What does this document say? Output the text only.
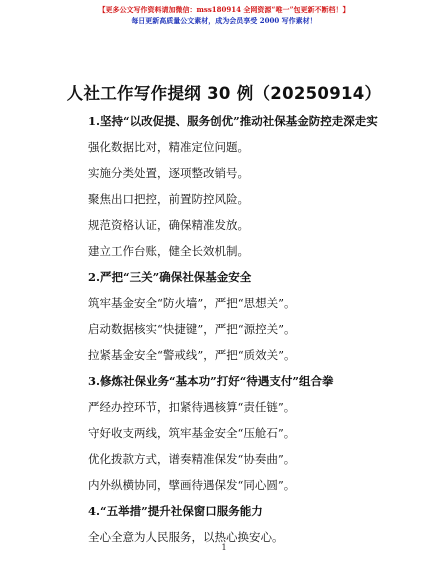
【更多公文写作资料请加微信：mss180914 全网资源“唯一”包更新不断档！】
每日更新高质量公文素材，成为会员享受 2000 写作素材！
人社工作写作提纲 30 例（20250914）
1.坚持“以改促提、服务创优”推动社保基金防控走深走实
强化数据比对，精准定位问题。
实施分类处置，逐项整改销号。
聚焦出口把控，前置防控风险。
规范资格认证，确保精准发放。
建立工作台账，健全长效机制。
2.严把“三关”确保社保基金安全
筑牢基金安全“防火墙”，严把“思想关”。
启动数据核实“快捷键”，严把“源控关”。
拉紧基金安全“警戒线”，严把“质效关”。
3.修炼社保业务“基本功”打好“待遇支付”组合拳
严经办控环节，扣紧待遇核算“责任链”。
守好收支两线，筑牢基金安全“压舱石”。
优化拨款方式，谱奏精准保发“协奏曲”。
内外纵横协同，擘画待遇保发“同心圆”。
4.“五举措”提升社保窗口服务能力
全心全意为人民服务，以热心换安心。
1
